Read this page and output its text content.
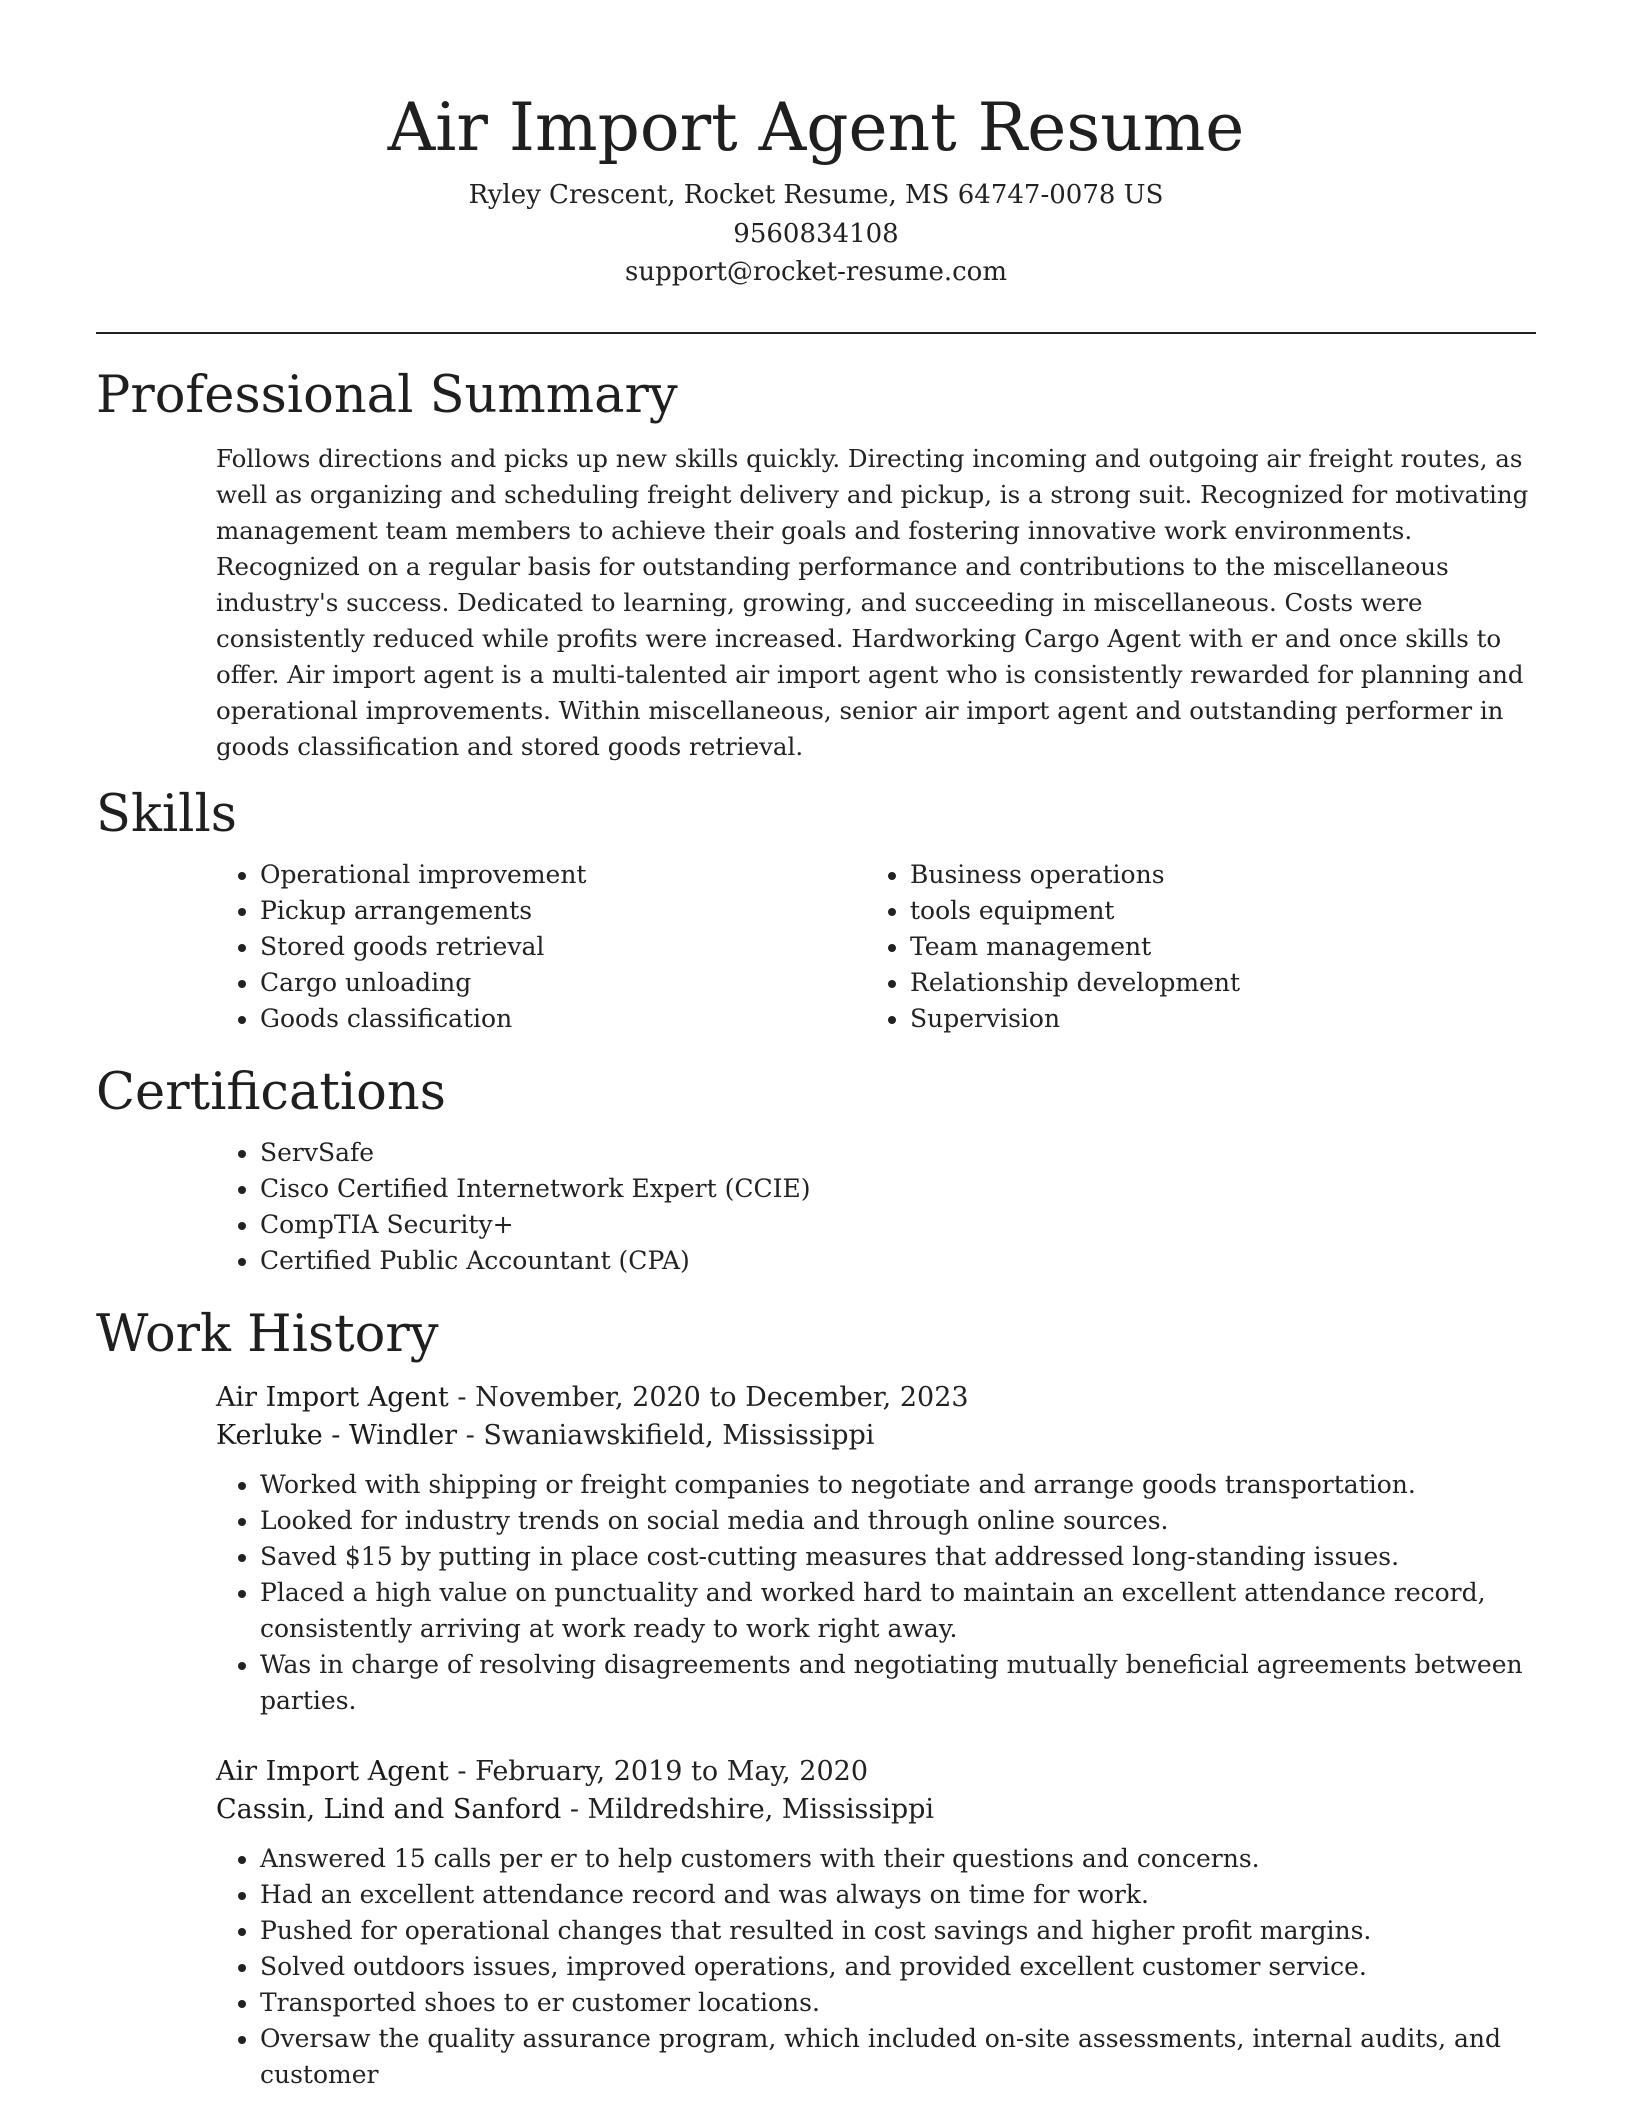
Air Import Agent Resume
Ryley Crescent, Rocket Resume, MS 64747-0078 US
9560834108
support@rocket-resume.com
Professional Summary

Follows directions and picks up new skills quickly. Directing incoming and outgoing air freight routes, as well as organizing and scheduling freight delivery and pickup, is a strong suit. Recognized for motivating management team members to achieve their goals and fostering innovative work environments. Recognized on a regular basis for outstanding performance and contributions to the miscellaneous industry's success. Dedicated to learning, growing, and succeeding in miscellaneous. Costs were consistently reduced while profits were increased. Hardworking Cargo Agent with er and once skills to offer. Air import agent is a multi-talented air import agent who is consistently rewarded for planning and operational improvements. Within miscellaneous, senior air import agent and outstanding performer in goods classification and stored goods retrieval.

Skills
• Operational improvement
• Pickup arrangements
• Stored goods retrieval
• Cargo unloading
• Goods classification
• Business operations
• tools equipment
• Team management
• Relationship development
• Supervision
Certifications
• ServSafe
• Cisco Certified Internetwork Expert (CCIE)
• CompTIA Security+
• Certified Public Accountant (CPA)
Work History
Air Import Agent - November, 2020 to December, 2023
Kerluke - Windler - Swaniawskifield, Mississippi
• Worked with shipping or freight companies to negotiate and arrange goods transportation.
• Looked for industry trends on social media and through online sources.
• Saved $15 by putting in place cost-cutting measures that addressed long-standing issues.
• Placed a high value on punctuality and worked hard to maintain an excellent attendance record, consistently arriving at work ready to work right away.
• Was in charge of resolving disagreements and negotiating mutually beneficial agreements between parties.
Air Import Agent - February, 2019 to May, 2020
Cassin, Lind and Sanford - Mildredshire, Mississippi
• Answered 15 calls per er to help customers with their questions and concerns.
• Had an excellent attendance record and was always on time for work.
• Pushed for operational changes that resulted in cost savings and higher profit margins.
• Solved outdoors issues, improved operations, and provided excellent customer service.
• Transported shoes to er customer locations.
• Oversaw the quality assurance program, which included on-site assessments, internal audits, and customer
